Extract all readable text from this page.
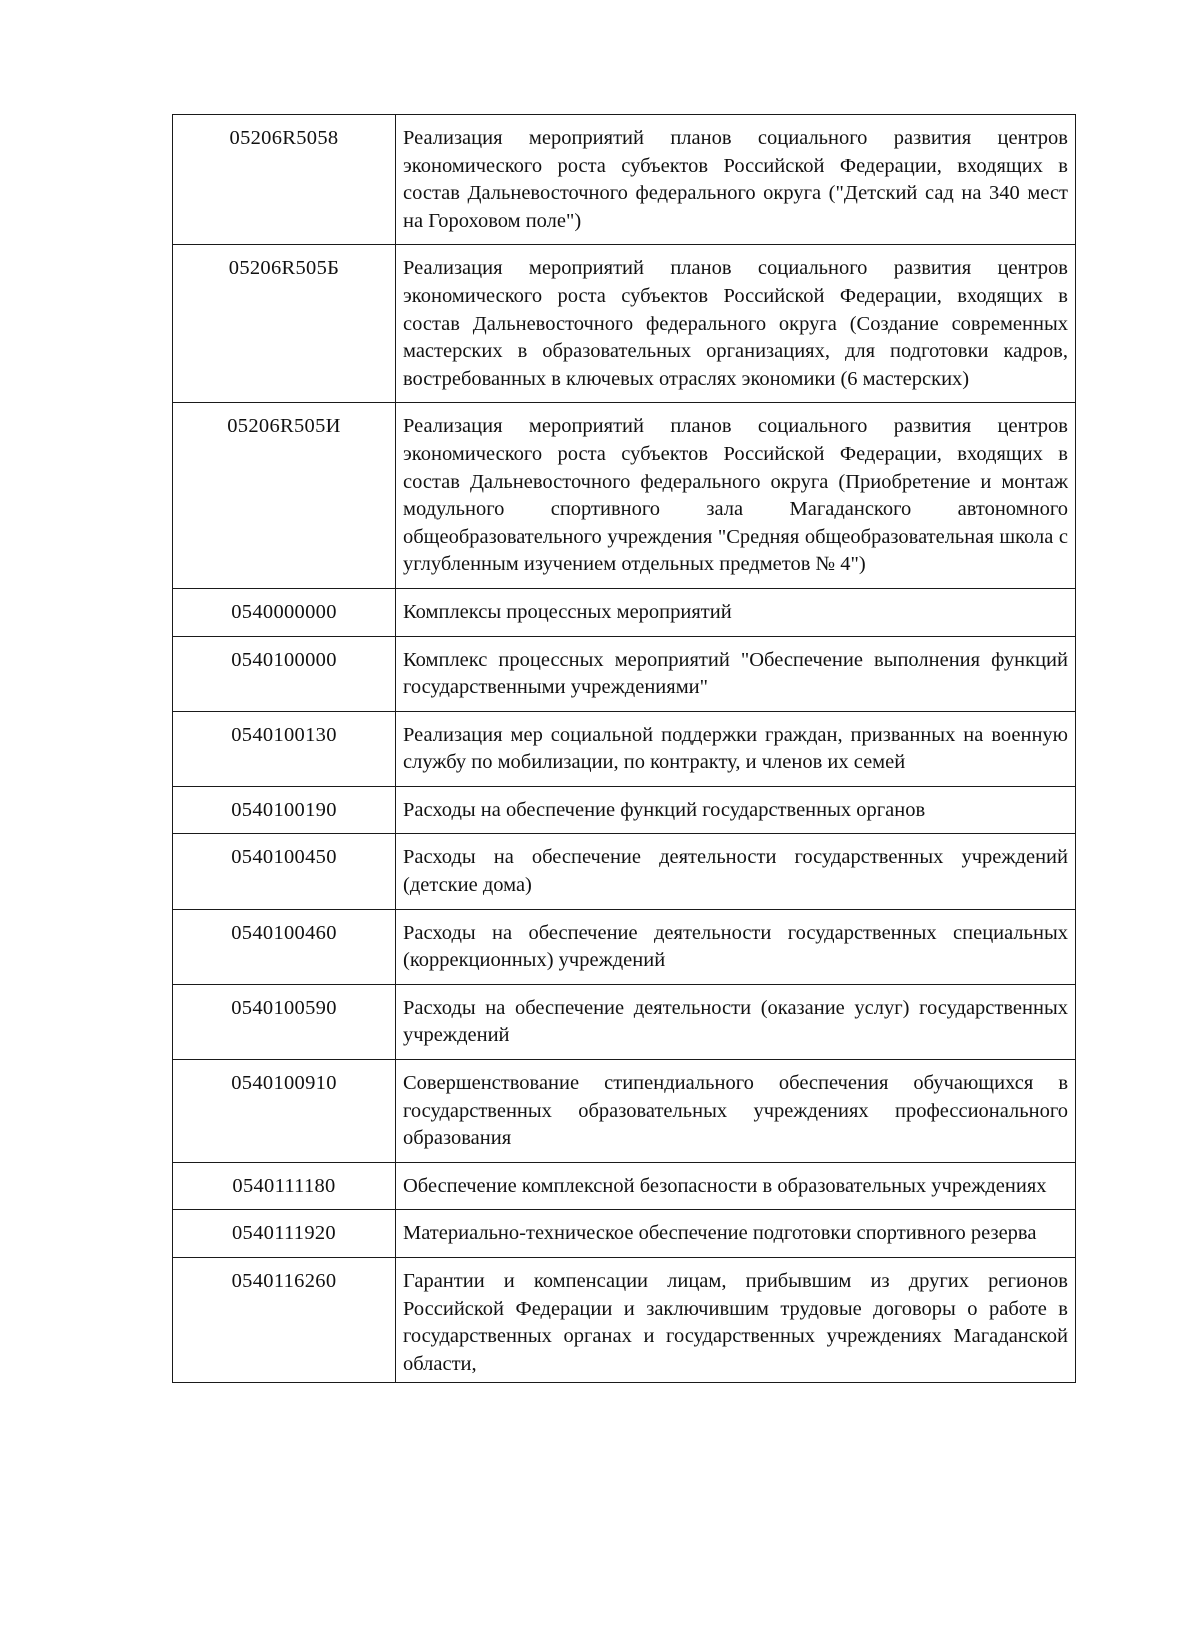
05206R5058	Реализация мероприятий планов социального развития центров экономического роста субъектов Российской Федерации, входящих в состав Дальневосточного федерального округа ("Детский сад на 340 мест на Гороховом поле")
05206R505Б	Реализация мероприятий планов социального развития центров экономического роста субъектов Российской Федерации, входящих в состав Дальневосточного федерального округа (Создание современных мастерских в образовательных организациях, для подготовки кадров, востребованных в ключевых отраслях экономики (6 мастерских)
05206R505И	Реализация мероприятий планов социального развития центров экономического роста субъектов Российской Федерации, входящих в состав Дальневосточного федерального округа (Приобретение и монтаж модульного спортивного зала Магаданского автономного общеобразовательного учреждения "Средняя общеобразовательная школа с углубленным изучением отдельных предметов № 4")
0540000000	Комплексы процессных мероприятий
0540100000	Комплекс процессных мероприятий "Обеспечение выполнения функций государственными учреждениями"
0540100130	Реализация мер социальной поддержки граждан, призванных на военную службу по мобилизации, по контракту, и членов их семей
0540100190	Расходы на обеспечение функций государственных органов
0540100450	Расходы на обеспечение деятельности государственных учреждений (детские дома)
0540100460	Расходы на обеспечение деятельности государственных специальных (коррекционных) учреждений
0540100590	Расходы на обеспечение деятельности (оказание услуг) государственных учреждений
0540100910	Совершенствование стипендиального обеспечения обучающихся в государственных образовательных учреждениях профессионального образования
0540111180	Обеспечение комплексной безопасности в образовательных учреждениях
0540111920	Материально-техническое обеспечение подготовки спортивного резерва
0540116260	Гарантии и компенсации лицам, прибывшим из других регионов Российской Федерации и заключившим трудовые договоры о работе в государственных органах и государственных учреждениях Магаданской области,
